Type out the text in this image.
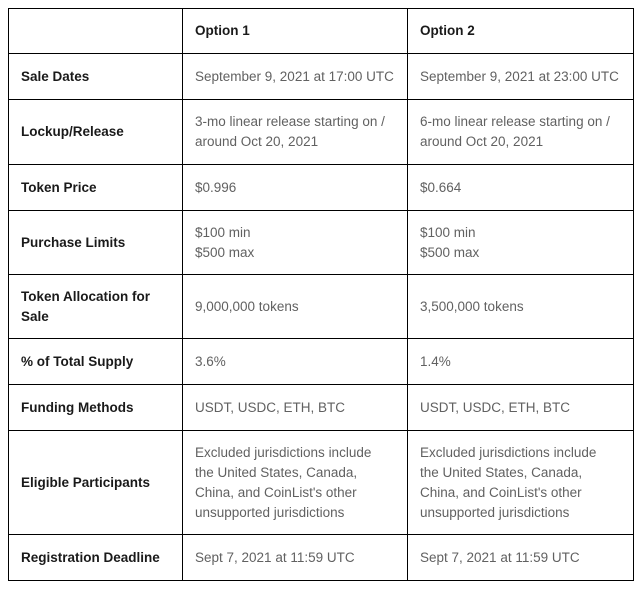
	Option 1	Option 2

Sale Dates	September 9, 2021 at 17:00 UTC	September 9, 2021 at 23:00 UTC

Lockup/Release	3-mo linear release starting on /
around Oct 20, 2021	6-mo linear release starting on /
around Oct 20, 2021

Token Price	$0.996	$0.664

Purchase Limits	$100 min
$500 max	$100 min
$500 max

Token Allocation for
Sale	9,000,000 tokens	3,500,000 tokens

% of Total Supply	3.6%	1.4%

Funding Methods	USDT, USDC, ETH, BTC	USDT, USDC, ETH, BTC

Eligible Participants	Excluded jurisdictions include
the United States, Canada,
China, and CoinList's other
unsupported jurisdictions	Excluded jurisdictions include
the United States, Canada,
China, and CoinList's other
unsupported jurisdictions

Registration Deadline	Sept 7, 2021 at 11:59 UTC	Sept 7, 2021 at 11:59 UTC
